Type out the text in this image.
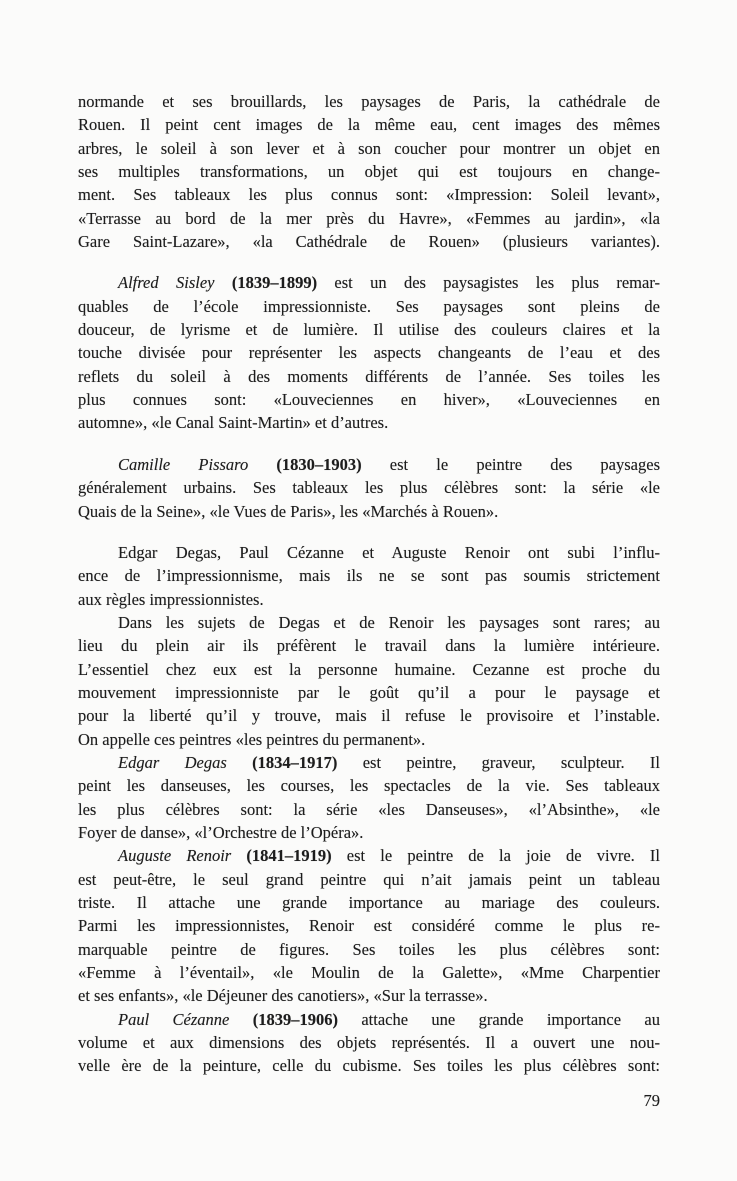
normande et ses brouillards, les paysages de Paris, la cathédrale de
Rouen. Il peint cent images de la même eau, cent images des mêmes
arbres, le soleil à son lever et à son coucher pour montrer un objet en
ses multiples transformations, un objet qui est toujours en change-
ment. Ses tableaux les plus connus sont: «Impression: Soleil levant»,
«Terrasse au bord de la mer près du Havre», «Femmes au jardin», «la
Gare Saint-Lazare», «la Cathédrale de Rouen» (plusieurs variantes).
Alfred Sisley (1839–1899) est un des paysagistes les plus remar-
quables de l’école impressionniste. Ses paysages sont pleins de
douceur, de lyrisme et de lumière. Il utilise des couleurs claires et la
touche divisée pour représenter les aspects changeants de l’eau et des
reflets du soleil à des moments différents de l’année. Ses toiles les
plus connues sont: «Louveciennes en hiver», «Louveciennes en
automne», «le Canal Saint-Martin» et d’autres.
Camille Pissaro (1830–1903) est le peintre des paysages
généralement urbains. Ses tableaux les plus célèbres sont: la série «le
Quais de la Seine», «le Vues de Paris», les «Marchés à Rouen».
Edgar Degas, Paul Cézanne et Auguste Renoir ont subi l’influ-
ence de l’impressionnisme, mais ils ne se sont pas soumis strictement
aux règles impressionnistes.
Dans les sujets de Degas et de Renoir les paysages sont rares; au
lieu du plein air ils préfèrent le travail dans la lumière intérieure.
L’essentiel chez eux est la personne humaine. Cezanne est proche du
mouvement impressionniste par le goût qu’il a pour le paysage et
pour la liberté qu’il y trouve, mais il refuse le provisoire et l’instable.
On appelle ces peintres «les peintres du permanent».
Edgar Degas (1834–1917) est peintre, graveur, sculpteur. Il
peint les danseuses, les courses, les spectacles de la vie. Ses tableaux
les plus célèbres sont: la série «les Danseuses», «l’Absinthe», «le
Foyer de danse», «l’Orchestre de l’Opéra».
Auguste Renoir (1841–1919) est le peintre de la joie de vivre. Il
est peut-être, le seul grand peintre qui n’ait jamais peint un tableau
triste. Il attache une grande importance au mariage des couleurs.
Parmi les impressionnistes, Renoir est considéré comme le plus re-
marquable peintre de figures. Ses toiles les plus célèbres sont:
«Femme à l’éventail», «le Moulin de la Galette», «Mme Charpentier
et ses enfants», «le Déjeuner des canotiers», «Sur la terrasse».
Paul Cézanne (1839–1906) attache une grande importance au
volume et aux dimensions des objets représentés. Il a ouvert une nou-
velle ère de la peinture, celle du cubisme. Ses toiles les plus célèbres sont:
79
